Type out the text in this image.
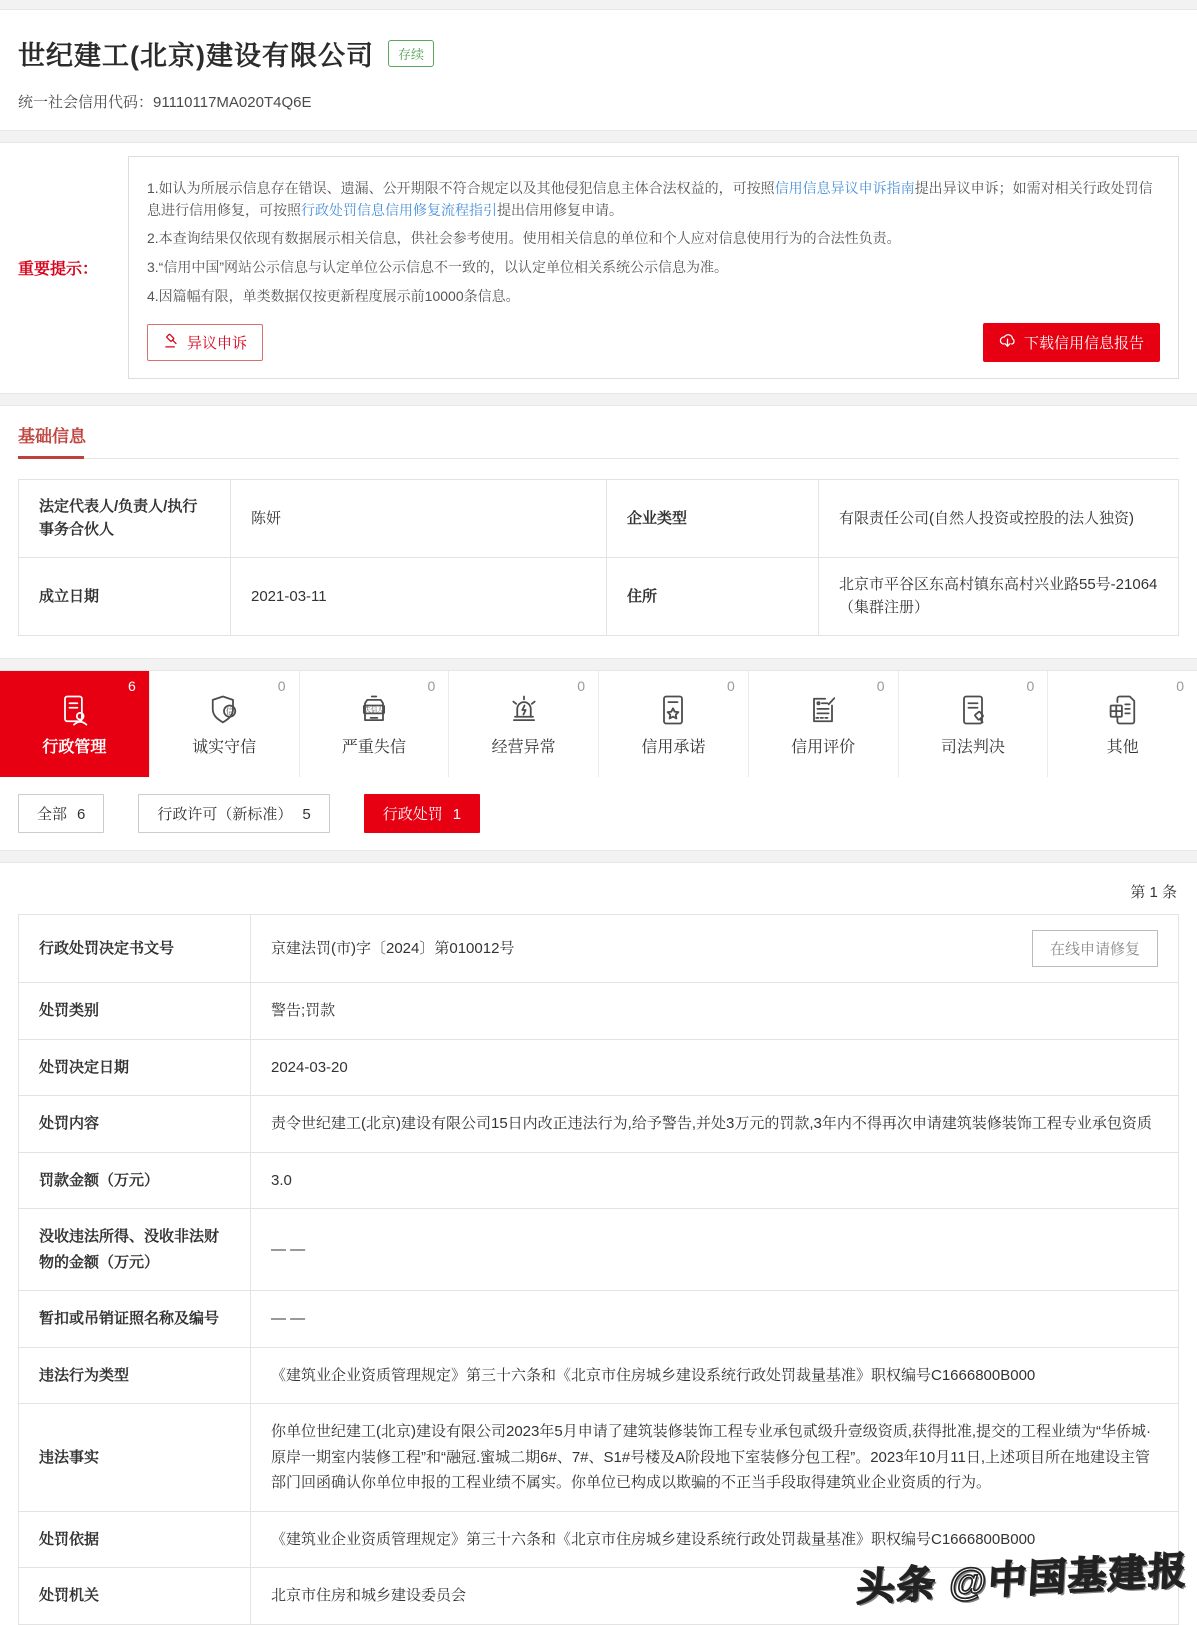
世纪建工(北京)建设有限公司	存续
统一社会信用代码：91110117MA020T4Q6E
重要提示：

1.如认为所展示信息存在错误、遗漏、公开期限不符合规定以及其他侵犯信息主体合法权益的，可按照信用信息异议申诉指南提出异议申诉；如需对相关行政处罚信息进行信用修复，可按照行政处罚信息信用修复流程指引提出信用修复申请。

2.本查询结果仅依现有数据展示相关信息，供社会参考使用。使用相关信息的单位和个人应对信息使用行为的合法性负责。

3.“信用中国”网站公示信息与认定单位公示信息不一致的，以认定单位相关系统公示信息为准。

4.因篇幅有限，单类数据仅按更新程度展示前10000条信息。

异议申诉	下载信用信息报告
基础信息
法定代表人/负责人/执行事务合伙人	陈妍	企业类型	有限责任公司(自然人投资或控股的法人独资)
成立日期	2021-03-11	住所	北京市平谷区东高村镇东高村兴业路55号-21064（集群注册）
6
行政管理
0
信
诚实守信
0
失信人
严重失信
0
经营异常
0
信用承诺
0
信用评价
0
司法判决
0
其他
全部 6	行政许可（新标准） 5	行政处罚 1
第 1 条
行政处罚决定书文号	京建法罚(市)字〔2024〕第010012号 在线申请修复

处罚类别	警告;罚款
处罚决定日期	2024-03-20
处罚内容	责令世纪建工(北京)建设有限公司15日内改正违法行为,给予警告,并处3万元的罚款,3年内不得再次申请建筑装修装饰工程专业承包资质
罚款金额（万元）	3.0
没收违法所得、没收非法财物的金额（万元）	— —
暂扣或吊销证照名称及编号	— —
违法行为类型	《建筑业企业资质管理规定》第三十六条和《北京市住房城乡建设系统行政处罚裁量基准》职权编号C1666800B000
违法事实	你单位世纪建工(北京)建设有限公司2023年5月申请了建筑装修装饰工程专业承包贰级升壹级资质,获得批准,提交的工程业绩为“华侨城·原岸一期室内装修工程”和“融冠.蜜城二期6#、7#、S1#号楼及A阶段地下室装修分包工程”。2023年10月11日,上述项目所在地建设主管部门回函确认你单位申报的工程业绩不属实。你单位已构成以欺骗的不正当手段取得建筑业企业资质的行为。
处罚依据	《建筑业企业资质管理规定》第三十六条和《北京市住房城乡建设系统行政处罚裁量基准》职权编号C1666800B000
处罚机关	北京市住房和城乡建设委员会	头条 @中国基建报
